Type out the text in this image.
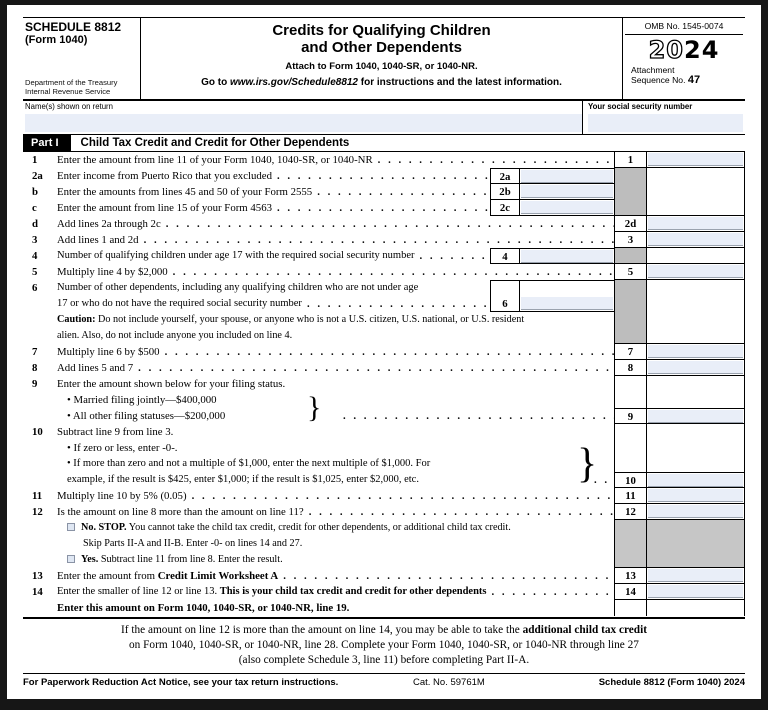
SCHEDULE 8812
(Form 1040)
Department of the Treasury
Internal Revenue Service
Credits for Qualifying Children
and Other Dependents
Attach to Form 1040, 1040-SR, or 1040-NR.
Go to www.irs.gov/Schedule8812 for instructions and the latest information.
OMB No. 1545-0074
2024
Attachment
Sequence No. 47
Name(s) shown on return	Your social security number
Part I	Child Tax Credit and Credit for Other Dependents
1	Enter the amount from line 11 of your Form 1040, 1040-SR, or 1040-NR . .	1
2a	Enter income from Puerto Rico that you excluded . .	2a
b	Enter the amounts from lines 45 and 50 of your Form 2555 . .	2b
c	Enter the amount from line 15 of your Form 4563 . .	2c
d	Add lines 2a through 2c . .	2d
3	Add lines 1 and 2d . .	3
4	Number of qualifying children under age 17 with the required social security number . .	4
5	Multiply line 4 by $2,000 . .	5
6	Number of other dependents, including any qualifying children who are not under age
17 or who do not have the required social security number . .	6
Caution: Do not include yourself, your spouse, or anyone who is not a U.S. citizen, U.S. national, or U.S. resident
alien. Also, do not include anyone you included on line 4.
7	Multiply line 6 by $500 . .	7
8	Add lines 5 and 7 . .	8
}
9	Enter the amount shown below for your filing status.
• Married filing jointly—$400,000
• All other filing statuses—$200,000 . .	9
}
10	Subtract line 9 from line 3.
• If zero or less, enter -0-.
• If more than zero and not a multiple of $1,000, enter the next multiple of $1,000. For
example, if the result is $425, enter $1,000; if the result is $1,025, enter $2,000, etc. . .	10
11	Multiply line 10 by 5% (0.05) . .	11
12	Is the amount on line 8 more than the amount on line 11? . .	12
No. STOP. You cannot take the child tax credit, credit for other dependents, or additional child tax credit.
Skip Parts II-A and II-B. Enter -0- on lines 14 and 27.
Yes. Subtract line 11 from line 8. Enter the result.
13	Enter the amount from Credit Limit Worksheet A . .	13
14	Enter the smaller of line 12 or line 13. This is your child tax credit and credit for other dependents . .	14
Enter this amount on Form 1040, 1040-SR, or 1040-NR, line 19.
If the amount on line 12 is more than the amount on line 14, you may be able to take the additional child tax credit
on Form 1040, 1040-SR, or 1040-NR, line 28. Complete your Form 1040, 1040-SR, or 1040-NR through line 27
(also complete Schedule 3, line 11) before completing Part II-A.
For Paperwork Reduction Act Notice, see your tax return instructions.	Cat. No. 59761M	Schedule 8812 (Form 1040) 2024
